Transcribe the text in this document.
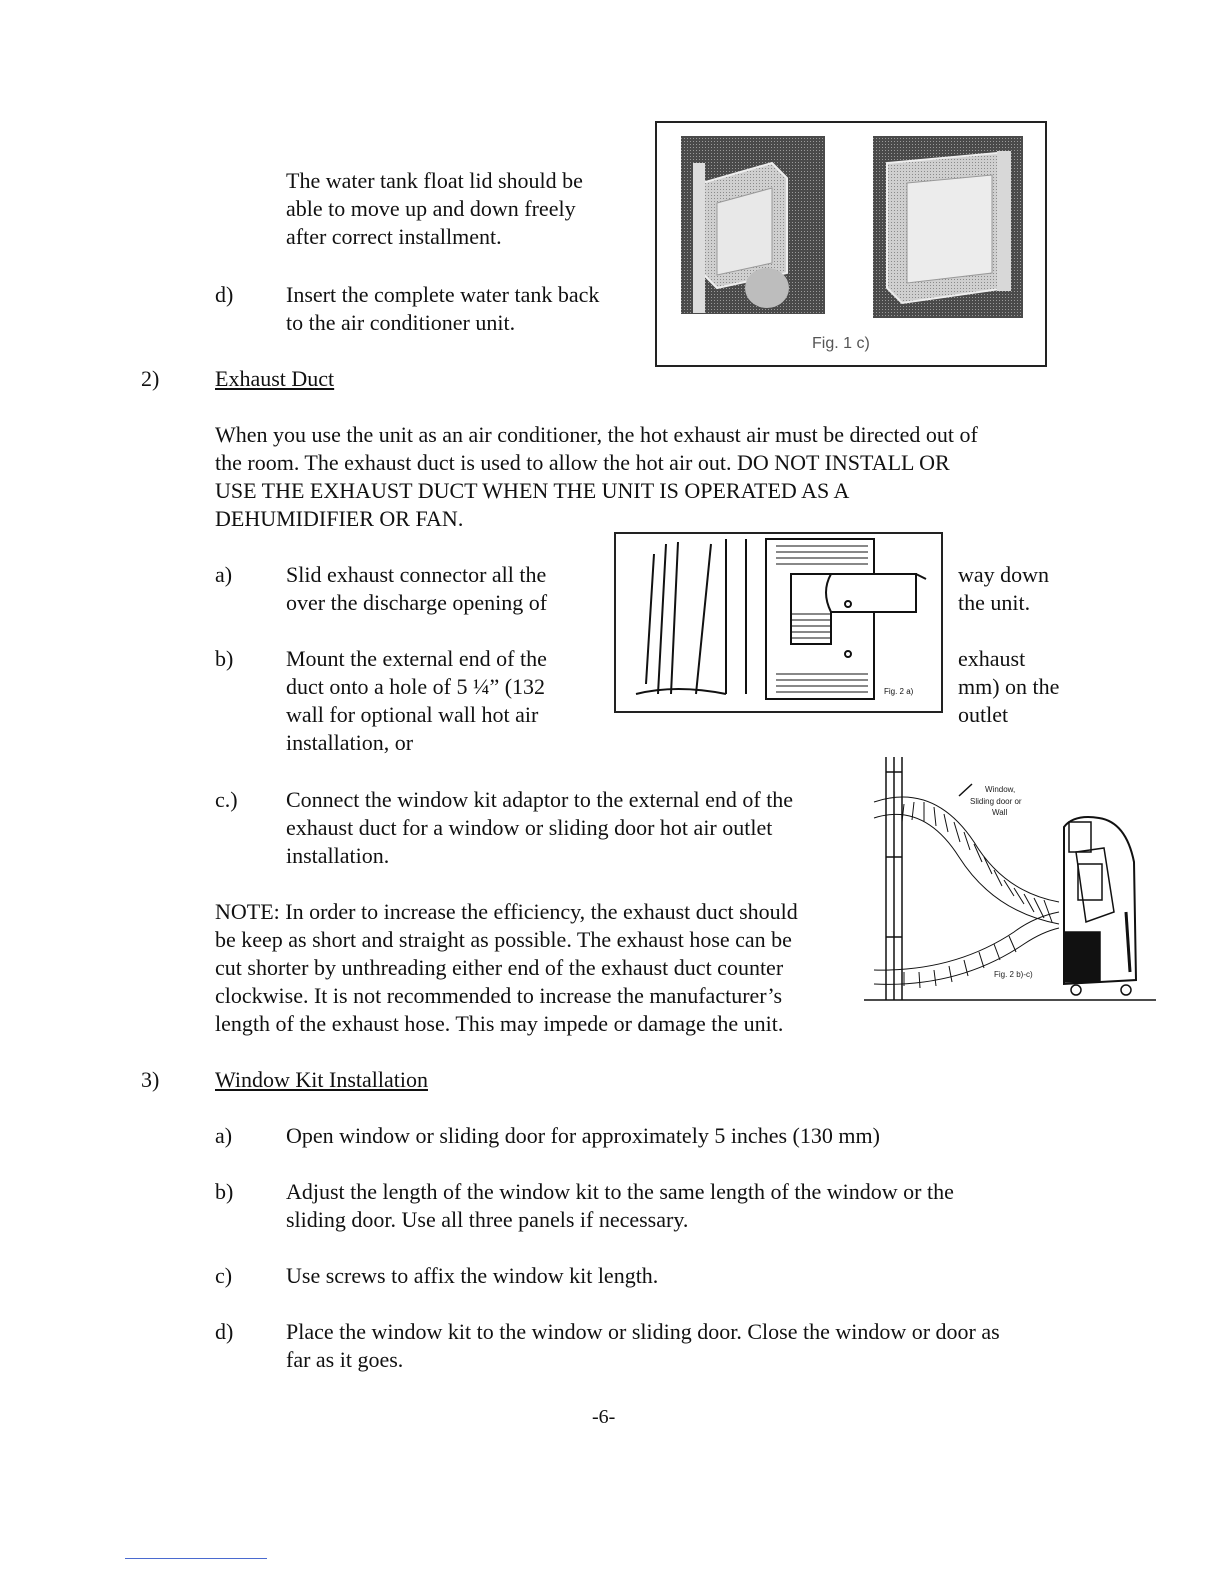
The water tank float lid should be
able to move up and down freely
after correct installment.
d) Insert the complete water tank back
to the air conditioner unit.
Fig. 1 c)
2)	Exhaust Duct
When you use the unit as an air conditioner, the hot exhaust air must be directed out of
the room. The exhaust duct is used to allow the hot air out. DO NOT INSTALL OR
USE THE EXHAUST DUCT WHEN THE UNIT IS OPERATED AS A
DEHUMIDIFIER OR FAN.
a) Slid exhaust connector all the
over the discharge opening of
way down
the unit.
b) Mount the external end of the
duct onto a hole of 5 ¼” (132
wall for optional wall hot air
installation, or
exhaust
mm) on the
outlet
Fig. 2 a)
c.) Connect the window kit adaptor to the external end of the
exhaust duct for a window or sliding door hot air outlet
installation.
NOTE: In order to increase the efficiency, the exhaust duct should
be keep as short and straight as possible. The exhaust hose can be
cut shorter by unthreading either end of the exhaust duct counter
clockwise. It is not recommended to increase the manufacturer’s
length of the exhaust hose. This may impede or damage the unit.
Window,
Sliding door or
Wall
Fig. 2 b)-c)
3)	Window Kit Installation
a) Open window or sliding door for approximately 5 inches (130 mm)
b) Adjust the length of the window kit to the same length of the window or the
sliding door. Use all three panels if necessary.
c) Use screws to affix the window kit length.
d) Place the window kit to the window or sliding door. Close the window or door as
far as it goes.
-6-
